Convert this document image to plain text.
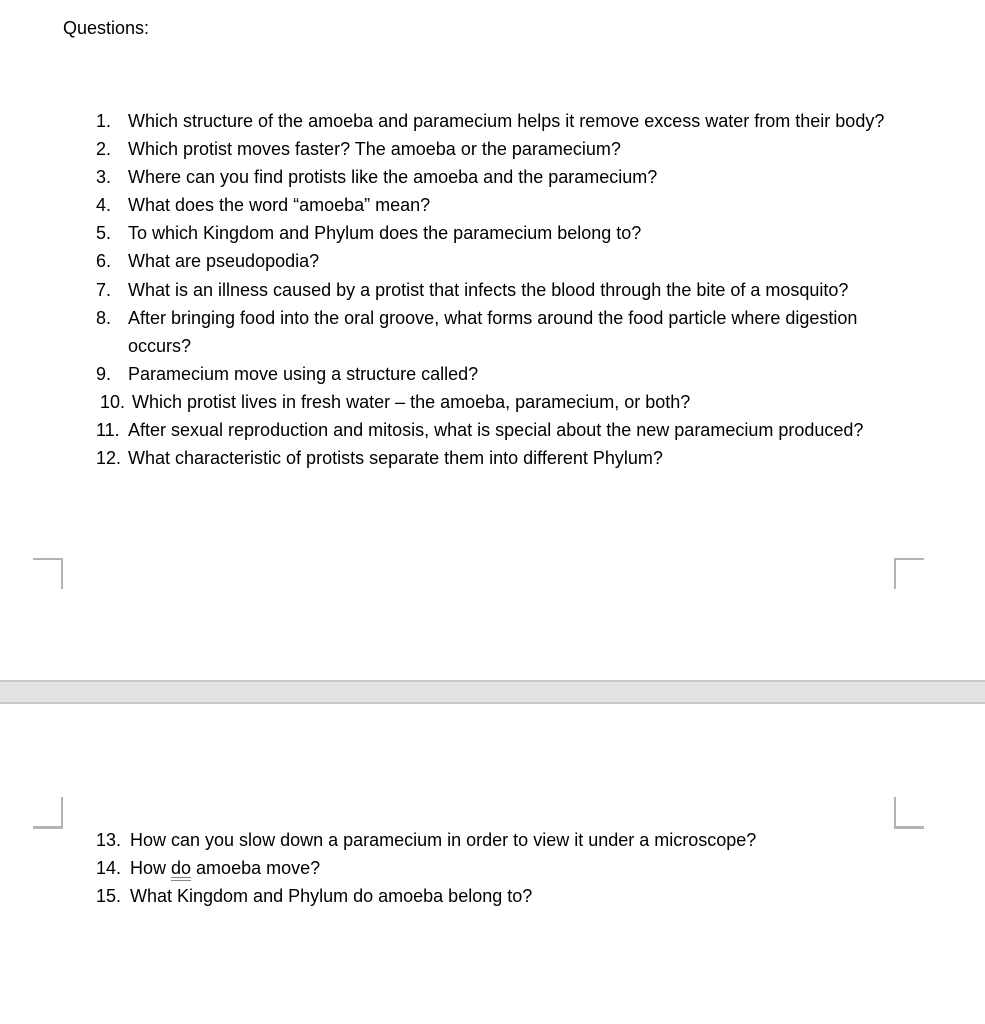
Questions:
1. Which structure of the amoeba and paramecium helps it remove excess water from their body?
2. Which protist moves faster? The amoeba or the paramecium?
3. Where can you find protists like the amoeba and the paramecium?
4. What does the word “amoeba” mean?
5. To which Kingdom and Phylum does the paramecium belong to?
6. What are pseudopodia?
7. What is an illness caused by a protist that infects the blood through the bite of a mosquito?
8. After bringing food into the oral groove, what forms around the food particle where digestion occurs?
9. Paramecium move using a structure called?
10. Which protist lives in fresh water – the amoeba, paramecium, or both?
11. After sexual reproduction and mitosis, what is special about the new paramecium produced?
12. What characteristic of protists separate them into different Phylum?
13. How can you slow down a paramecium in order to view it under a microscope?
14. How do amoeba move?
15. What Kingdom and Phylum do amoeba belong to?
